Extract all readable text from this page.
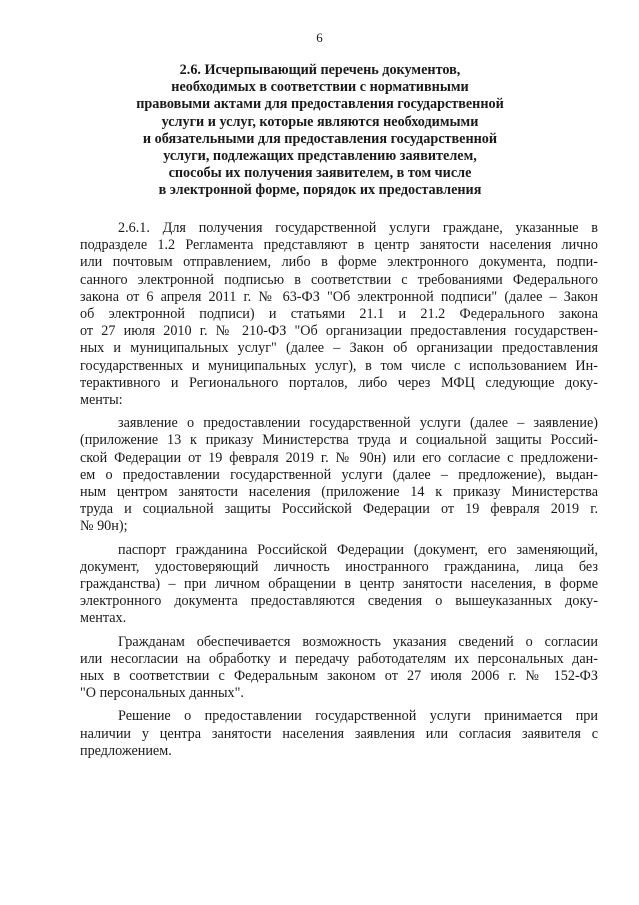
6
2.6. Исчерпывающий перечень документов,
необходимых в соответствии с нормативными
правовыми актами для предоставления государственной
услуги и услуг, которые являются необходимыми
и обязательными для предоставления государственной
услуги, подлежащих представлению заявителем,
способы их получения заявителем, в том числе
в электронной форме, порядок их предоставления
2.6.1. Для получения государственной услуги граждане, указанные в
подразделе 1.2 Регламента представляют в центр занятости населения лично
или почтовым отправлением, либо в форме электронного документа, подпи-
санного электронной подписью в соответствии с требованиями Федерального
закона от 6 апреля 2011 г. № 63-ФЗ "Об электронной подписи" (далее – Закон
об электронной подписи) и статьями 21.1 и 21.2 Федерального закона
от 27 июля 2010 г. № 210-ФЗ "Об организации предоставления государствен-
ных и муниципальных услуг" (далее – Закон об организации предоставления
государственных и муниципальных услуг), в том числе с использованием Ин-
терактивного и Регионального порталов, либо через МФЦ следующие доку-
менты:
заявление о предоставлении государственной услуги (далее – заявление)
(приложение 13 к приказу Министерства труда и социальной защиты Россий-
ской Федерации от 19 февраля 2019 г. № 90н) или его согласие с предложени-
ем о предоставлении государственной услуги (далее – предложение), выдан-
ным центром занятости населения (приложение 14 к приказу Министерства
труда и социальной защиты Российской Федерации от 19 февраля 2019 г.
№ 90н);
паспорт гражданина Российской Федерации (документ, его заменяющий,
документ, удостоверяющий личность иностранного гражданина, лица без
гражданства) – при личном обращении в центр занятости населения, в форме
электронного документа предоставляются сведения о вышеуказанных доку-
ментах.
Гражданам обеспечивается возможность указания сведений о согласии
или несогласии на обработку и передачу работодателям их персональных дан-
ных в соответствии с Федеральным законом от 27 июля 2006 г. № 152-ФЗ
"О персональных данных".
Решение о предоставлении государственной услуги принимается при
наличии у центра занятости населения заявления или согласия заявителя с
предложением.
